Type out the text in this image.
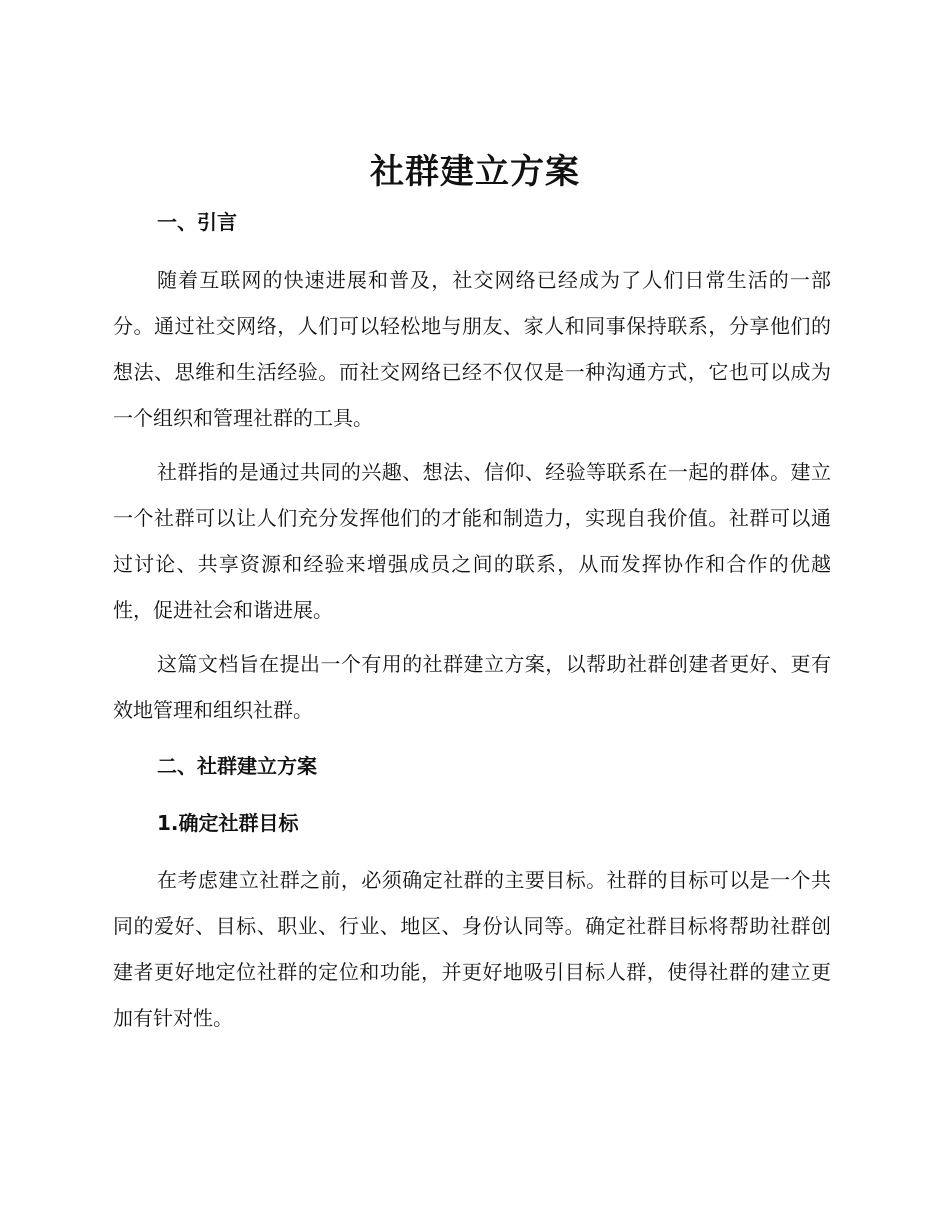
社群建立方案
一、引言

随着互联网的快速进展和普及，社交网络已经成为了人们日常生活的一部分。通过社交网络，人们可以轻松地与朋友、家人和同事保持联系，分享他们的想法、思维和生活经验。而社交网络已经不仅仅是一种沟通方式，它也可以成为一个组织和管理社群的工具。

社群指的是通过共同的兴趣、想法、信仰、经验等联系在一起的群体。建立一个社群可以让人们充分发挥他们的才能和制造力，实现自我价值。社群可以通过讨论、共享资源和经验来增强成员之间的联系，从而发挥协作和合作的优越性，促进社会和谐进展。

这篇文档旨在提出一个有用的社群建立方案，以帮助社群创建者更好、更有效地管理和组织社群。

二、社群建立方案
1.确定社群目标

在考虑建立社群之前，必须确定社群的主要目标。社群的目标可以是一个共同的爱好、目标、职业、行业、地区、身份认同等。确定社群目标将帮助社群创建者更好地定位社群的定位和功能，并更好地吸引目标人群，使得社群的建立更加有针对性。
